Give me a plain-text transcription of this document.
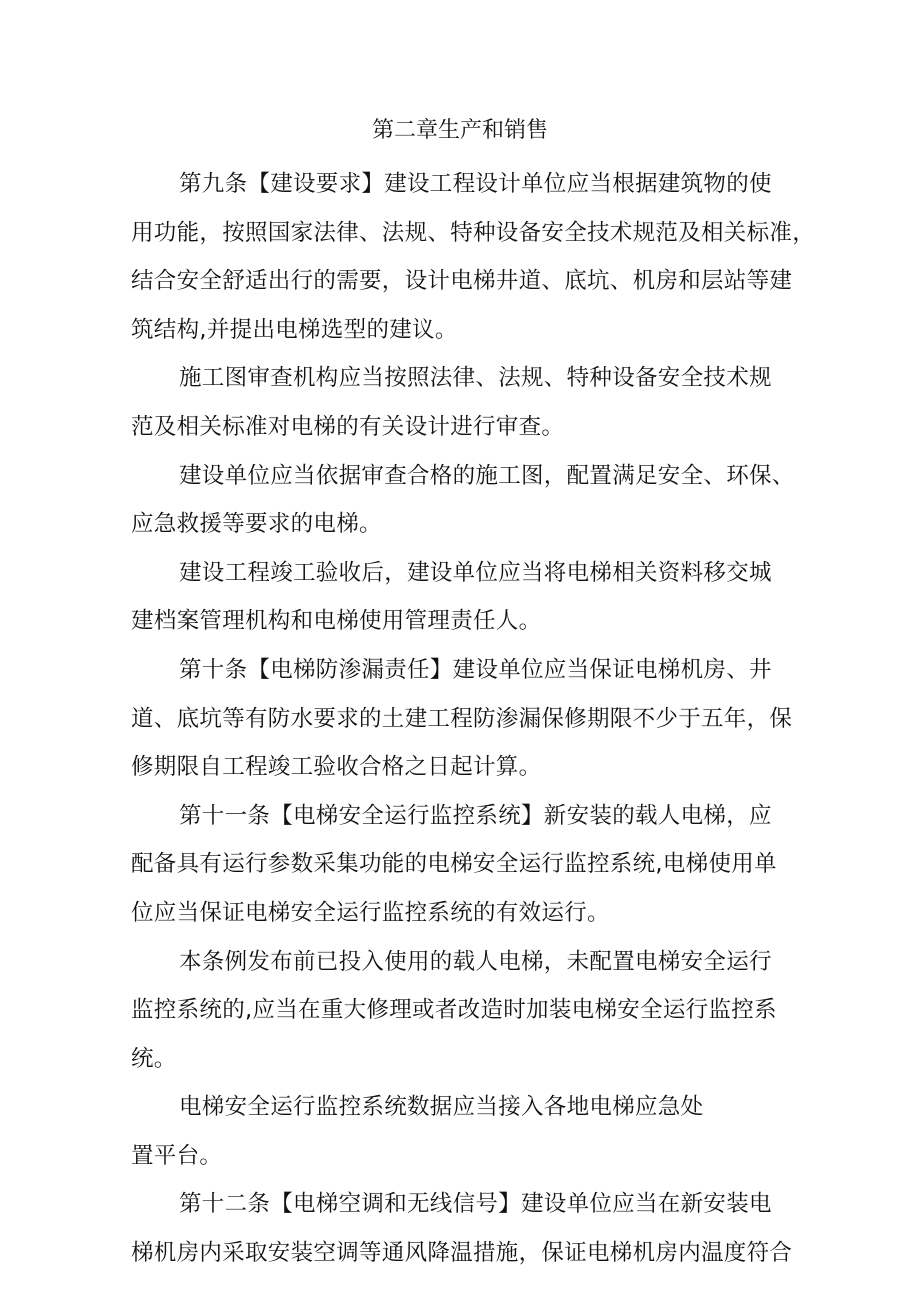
第二章生产和销售
第九条【建设要求】建设工程设计单位应当根据建筑物的使
用功能，按照国家法律、法规、特种设备安全技术规范及相关标准，
结合安全舒适出行的需要，设计电梯井道、底坑、机房和层站等建
筑结构,并提出电梯选型的建议。
施工图审查机构应当按照法律、法规、特种设备安全技术规
范及相关标准对电梯的有关设计进行审查。
建设单位应当依据审查合格的施工图，配置满足安全、环保、
应急救援等要求的电梯。
建设工程竣工验收后，建设单位应当将电梯相关资料移交城
建档案管理机构和电梯使用管理责任人。
第十条【电梯防渗漏责任】建设单位应当保证电梯机房、井
道、底坑等有防水要求的土建工程防渗漏保修期限不少于五年，保
修期限自工程竣工验收合格之日起计算。
第十一条【电梯安全运行监控系统】新安装的载人电梯，应
配备具有运行参数采集功能的电梯安全运行监控系统,电梯使用单
位应当保证电梯安全运行监控系统的有效运行。
本条例发布前已投入使用的载人电梯，未配置电梯安全运行
监控系统的,应当在重大修理或者改造时加装电梯安全运行监控系
统。
电梯安全运行监控系统数据应当接入各地电梯应急处
置平台。
第十二条【电梯空调和无线信号】建设单位应当在新安装电
梯机房内采取安装空调等通风降温措施，保证电梯机房内温度符合
